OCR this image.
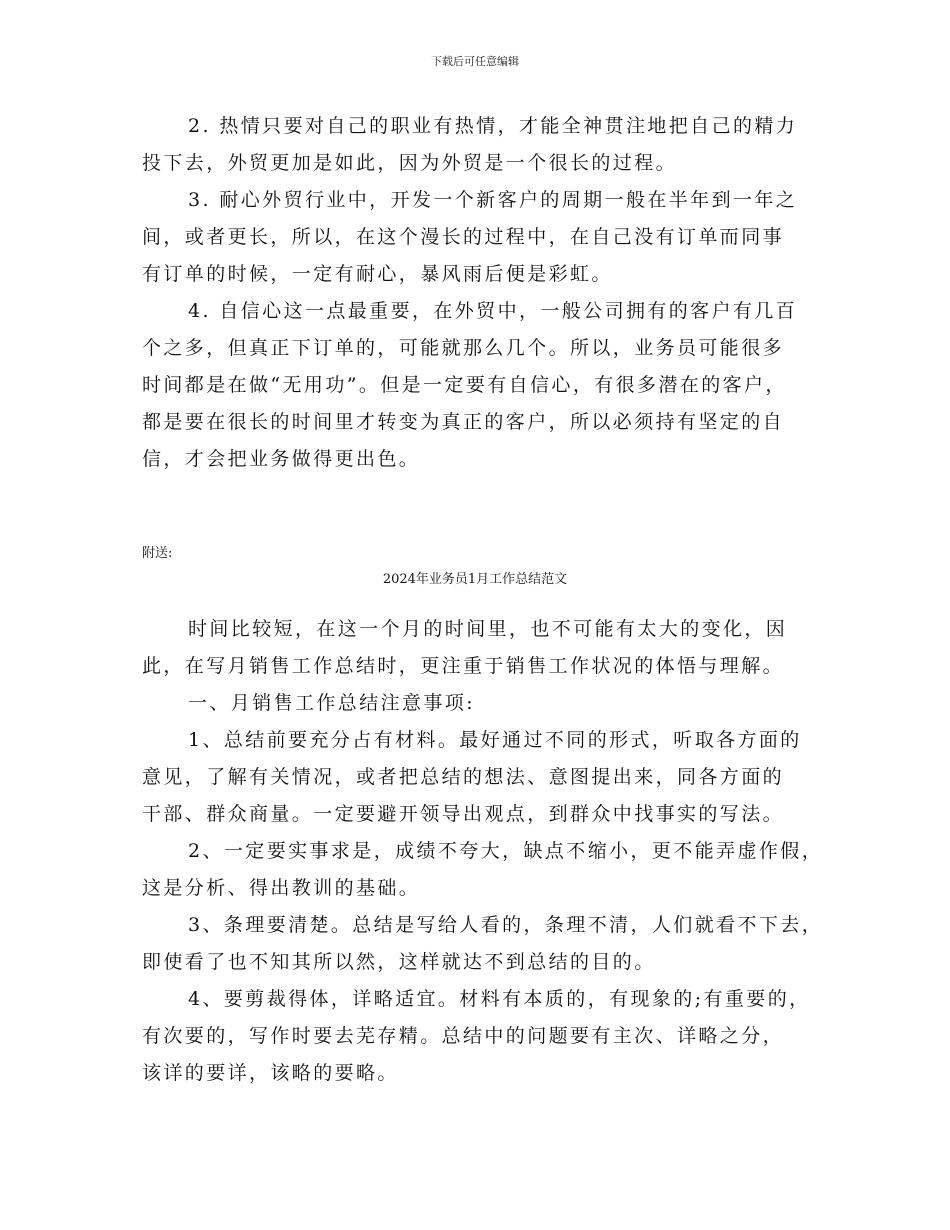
下载后可任意编辑
2. 热情只要对自己的职业有热情，才能全神贯注地把自己的精力
投下去，外贸更加是如此，因为外贸是一个很长的过程。
3. 耐心外贸行业中，开发一个新客户的周期一般在半年到一年之
间，或者更长，所以，在这个漫长的过程中，在自己没有订单而同事
有订单的时候，一定有耐心，暴风雨后便是彩虹。
4. 自信心这一点最重要，在外贸中，一般公司拥有的客户有几百
个之多，但真正下订单的，可能就那么几个。所以，业务员可能很多
时间都是在做“无用功”。但是一定要有自信心，有很多潜在的客户，
都是要在很长的时间里才转变为真正的客户，所以必须持有坚定的自
信，才会把业务做得更出色。
附送:
2024年业务员1月工作总结范文
时间比较短，在这一个月的时间里，也不可能有太大的变化，因
此，在写月销售工作总结时，更注重于销售工作状况的体悟与理解。
一、月销售工作总结注意事项:
1、总结前要充分占有材料。最好通过不同的形式，听取各方面的
意见，了解有关情况，或者把总结的想法、意图提出来，同各方面的
干部、群众商量。一定要避开领导出观点，到群众中找事实的写法。
2、一定要实事求是，成绩不夸大，缺点不缩小，更不能弄虚作假，
这是分析、得出教训的基础。
3、条理要清楚。总结是写给人看的，条理不清，人们就看不下去，
即使看了也不知其所以然，这样就达不到总结的目的。
4、要剪裁得体，详略适宜。材料有本质的，有现象的;有重要的，
有次要的，写作时要去芜存精。总结中的问题要有主次、详略之分，
该详的要详，该略的要略。
